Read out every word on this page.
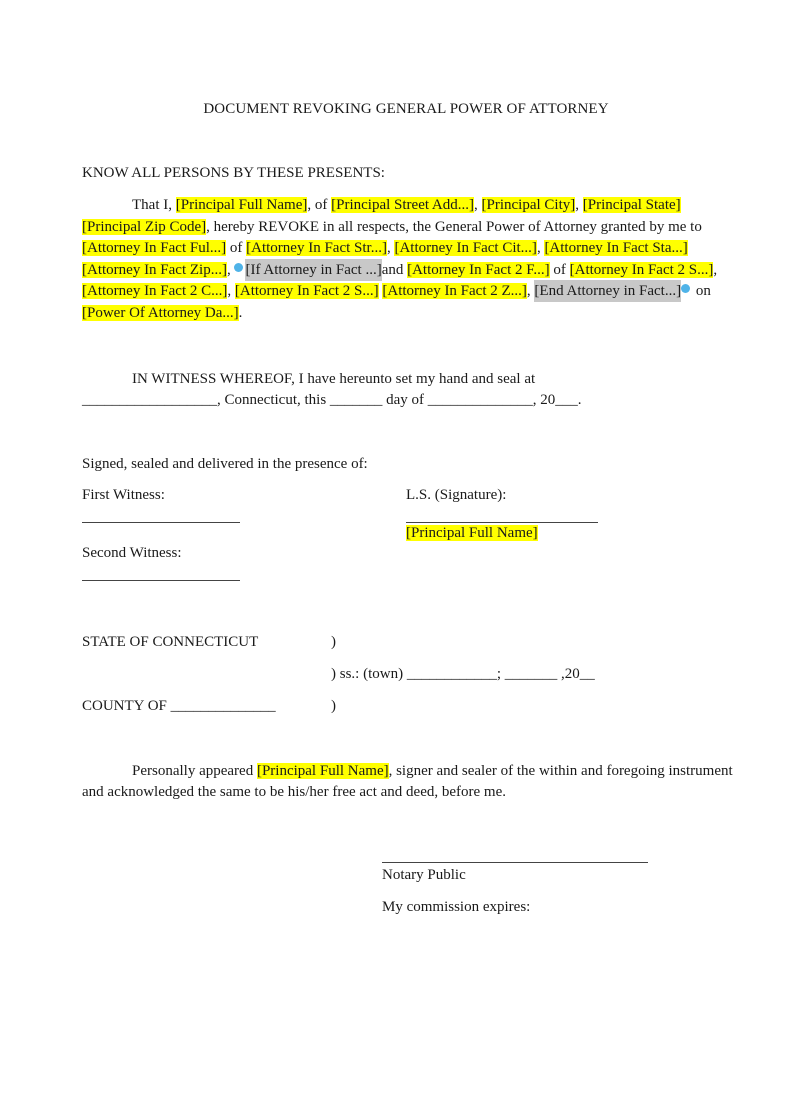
DOCUMENT REVOKING GENERAL POWER OF ATTORNEY
KNOW ALL PERSONS BY THESE PRESENTS:
That I, [Principal Full Name], of [Principal Street Add...], [Principal City], [Principal State] [Principal Zip Code], hereby REVOKE in all respects, the General Power of Attorney granted by me to [Attorney In Fact Ful...] of [Attorney In Fact Str...], [Attorney In Fact Cit...], [Attorney In Fact Sta...] [Attorney In Fact Zip...], [If Attorney in Fact ...]and [Attorney In Fact 2 F...] of [Attorney In Fact 2 S...], [Attorney In Fact 2 C...], [Attorney In Fact 2 S...] [Attorney In Fact 2 Z...], [End Attorney in Fact...] on [Power Of Attorney Da...].
IN WITNESS WHEREOF, I have hereunto set my hand and seal at
__________________, Connecticut, this _______ day of ______________, 20___.
Signed, sealed and delivered in the presence of:
First Witness:	L.S. (Signature):
[Principal Full Name]
Second Witness:
STATE OF CONNECTICUT	)
) ss.: (town) ____________; _______ ,20__
COUNTY OF ______________	)
Personally appeared [Principal Full Name], signer and sealer of the within and foregoing instrument and acknowledged the same to be his/her free act and deed, before me.
Notary Public
My commission expires:
